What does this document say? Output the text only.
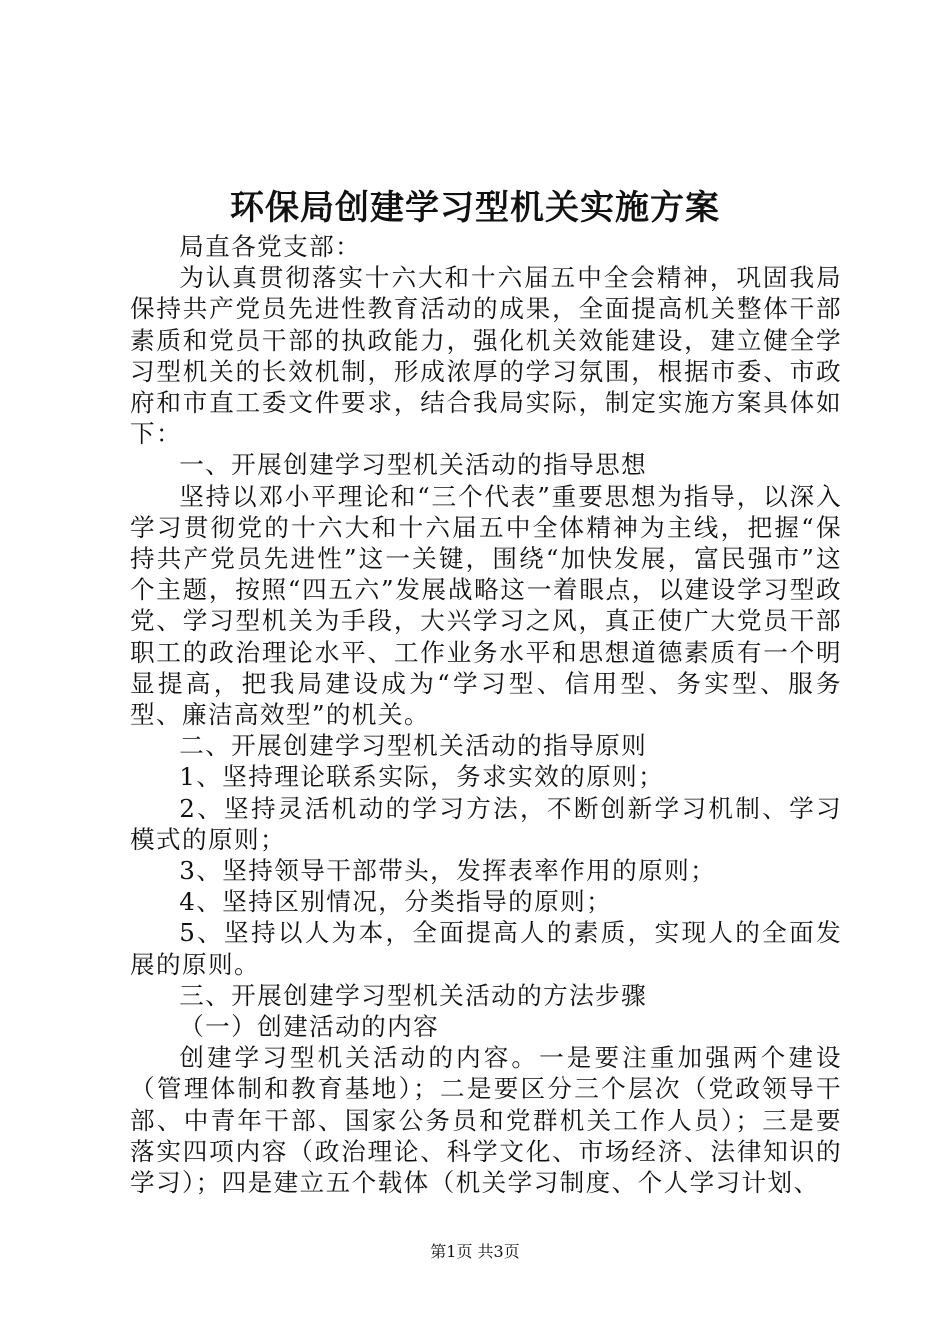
环保局创建学习型机关实施方案

局直各党支部：

为认真贯彻落实十六大和十六届五中全会精神，巩固我局保持共产党员先进性教育活动的成果，全面提高机关整体干部素质和党员干部的执政能力，强化机关效能建设，建立健全学习型机关的长效机制，形成浓厚的学习氛围，根据市委、市政府和市直工委文件要求，结合我局实际，制定实施方案具体如下：

一、开展创建学习型机关活动的指导思想

坚持以邓小平理论和“三个代表”重要思想为指导，以深入学习贯彻党的十六大和十六届五中全体精神为主线，把握“保持共产党员先进性”这一关键，围绕“加快发展，富民强市”这个主题，按照“四五六”发展战略这一着眼点，以建设学习型政党、学习型机关为手段，大兴学习之风，真正使广大党员干部职工的政治理论水平、工作业务水平和思想道德素质有一个明显提高，把我局建设成为“学习型、信用型、务实型、服务型、廉洁高效型”的机关。

二、开展创建学习型机关活动的指导原则

1、坚持理论联系实际，务求实效的原则；

2、坚持灵活机动的学习方法，不断创新学习机制、学习模式的原则；

3、坚持领导干部带头，发挥表率作用的原则；

4、坚持区别情况，分类指导的原则；

5、坚持以人为本，全面提高人的素质，实现人的全面发展的原则。

三、开展创建学习型机关活动的方法步骤

（一）创建活动的内容

创建学习型机关活动的内容。一是要注重加强两个建设（管理体制和教育基地）；二是要区分三个层次（党政领导干部、中青年干部、国家公务员和党群机关工作人员）；三是要落实四项内容（政治理论、科学文化、市场经济、法律知识的学习）；四是建立五个载体（机关学习制度、个人学习计划、

第1页 共3页
